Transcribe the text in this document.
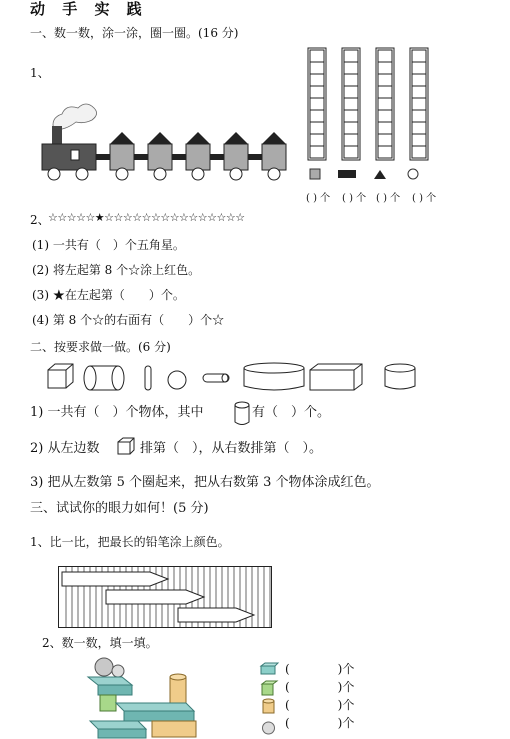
动 手 实 践
一、数一数，涂一涂，圈一圈。(16 分)
1、
( ) 个 ( ) 个 ( ) 个 ( ) 个
2、
☆☆☆☆☆★☆☆☆☆☆☆☆☆☆☆☆☆☆☆☆
(1) 一共有（　）个五角星。
(2) 将左起第 8 个☆涂上红色。
(3) ★在左起第（　　）个。
(4) 第 8 个☆的右面有（　　）个☆
二、按要求做一做。(6 分)
1) 一共有（　）个物体，其中	有（　）个。
2) 从左边数	排第（　），从右数排第（　）。
3) 把从左数第 5 个圈起来，把从右数第 3 个物体涂成红色。
三、试试你的眼力如何！(5 分)
1、比一比，把最长的铅笔涂上颜色。
2、数一数，填一填。
(　　　　)个
(　　　　)个
(　　　　)个
(　　　　)个
